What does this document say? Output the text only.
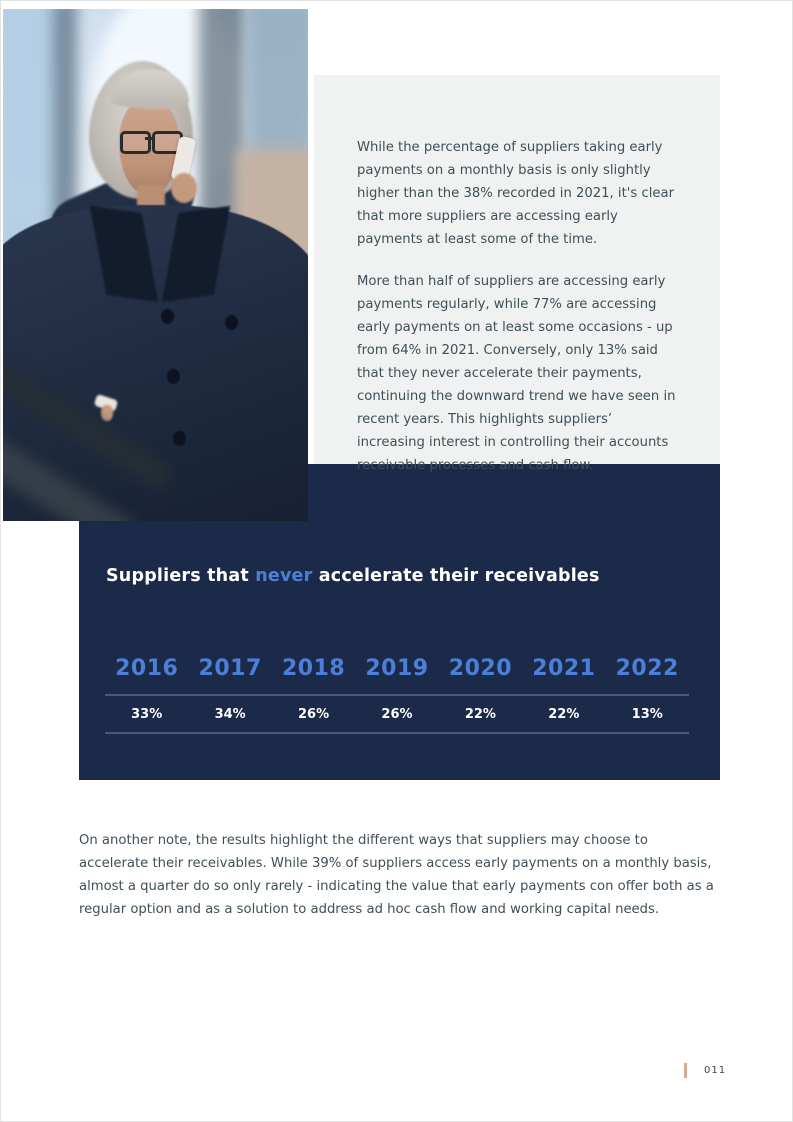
While the percentage of suppliers taking early payments on a monthly basis is only slightly higher than the 38% recorded in 2021, it's clear that more suppliers are accessing early payments at least some of the time.

More than half of suppliers are accessing early payments regularly, while 77% are accessing early payments on at least some occasions - up from 64% in 2021. Conversely, only 13% said that they never accelerate their payments, continuing the downward trend we have seen in recent years. This highlights suppliers’ increasing interest in controlling their accounts receivable processes and cash flow.

Suppliers that never accelerate their receivables
2016
33%
2017
34%
2018
26%
2019
26%
2020
22%
2021
22%
2022
13%
On another note, the results highlight the different ways that suppliers may choose to accelerate their receivables. While 39% of suppliers access early payments on a monthly basis, almost a quarter do so only rarely - indicating the value that early payments con offer both as a regular option and as a solution to address ad hoc cash flow and working capital needs.
011
